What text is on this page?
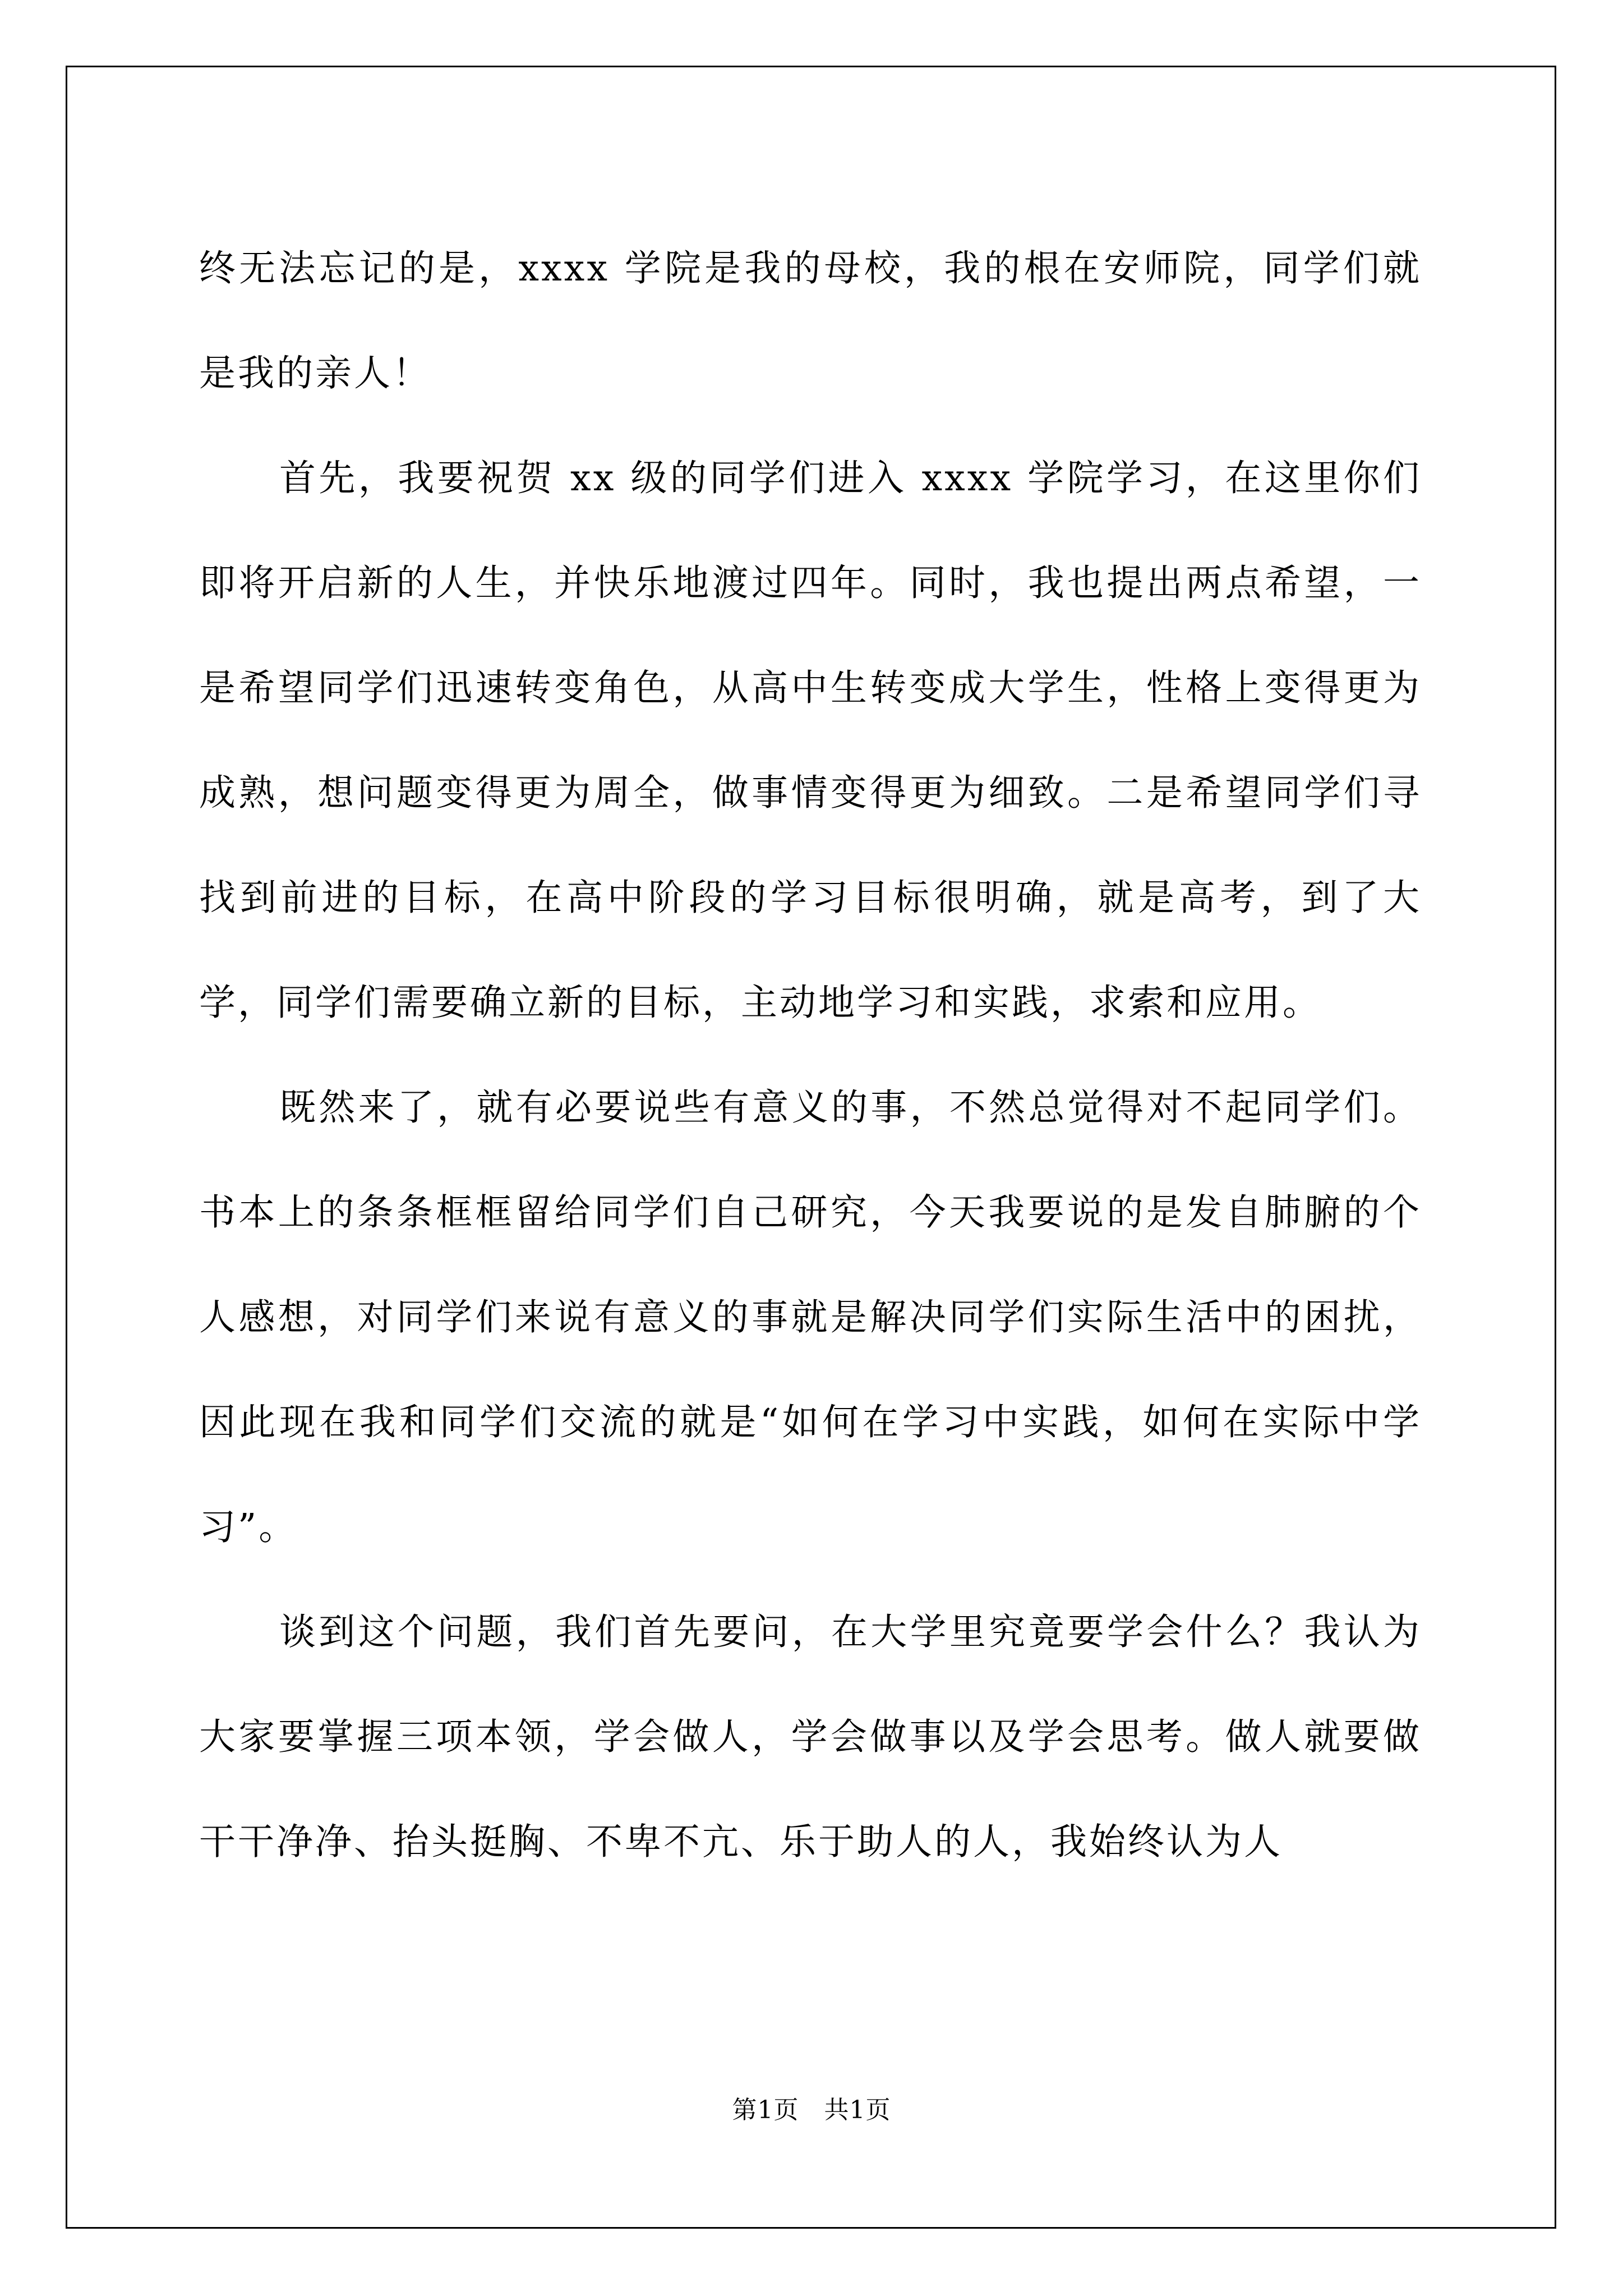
终无法忘记的是，xxxx 学院是我的母校，我的根在安师院，同学们就是我的亲人！

首先，我要祝贺 xx 级的同学们进入 xxxx 学院学习，在这里你们即将开启新的人生，并快乐地渡过四年。同时，我也提出两点希望，一是希望同学们迅速转变角色，从高中生转变成大学生，性格上变得更为成熟，想问题变得更为周全，做事情变得更为细致。二是希望同学们寻找到前进的目标，在高中阶段的学习目标很明确，就是高考，到了大学，同学们需要确立新的目标，主动地学习和实践，求索和应用。

既然来了，就有必要说些有意义的事，不然总觉得对不起同学们。书本上的条条框框留给同学们自己研究，今天我要说的是发自肺腑的个人感想，对同学们来说有意义的事就是解决同学们实际生活中的困扰，因此现在我和同学们交流的就是“如何在学习中实践，如何在实际中学习”。

谈到这个问题，我们首先要问，在大学里究竟要学会什么？我认为大家要掌握三项本领，学会做人，学会做事以及学会思考。做人就要做干干净净、抬头挺胸、不卑不亢、乐于助人的人，我始终认为人

第1页　共1页
